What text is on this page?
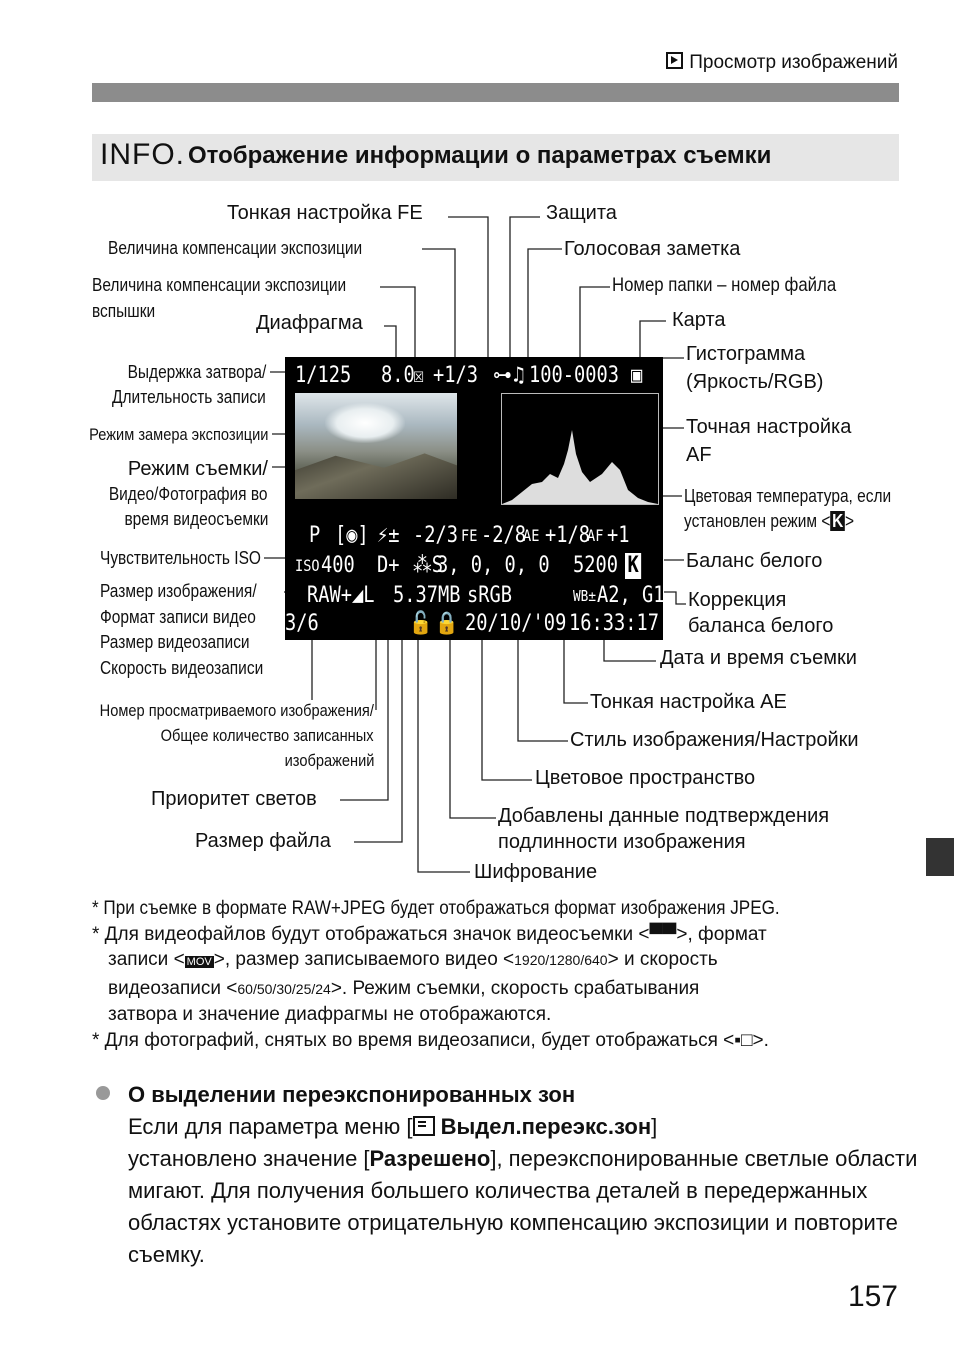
Просмотр изображений
INFO. Отображение информации о параметрах съемки
Тонкая настройка FE
Величина компенсации экспозиции
Величина компенсации экспозиции
вспышки
Диафрагма
Выдержка затвора/
Длительность записи
Режим замера экспозиции
Режим съемки/
Видео/Фотография во
время видеосъемки
Чувствительность ISO
Размер изображения/
Формат записи видео
Размер видеозаписи
Скорость видеозаписи
Номер просматриваемого изображения/
Общее количество записанных
изображений
Приоритет светов
Размер файла
Защита
Голосовая заметка
Номер папки – номер файла
Карта
Гистограмма
(Яркость/RGB)
Точная настройка
AF
Цветовая температура, если
установлен режим <K>
Баланс белого
Коррекция
баланса белого
Дата и время съемки
Тонкая настройка AE
Стиль изображения/Настройки
Цветовое пространство
Добавлены данные подтверждения
подлинности изображения
Шифрование
1/125 8.0
☒ +1/3 ⊶ ♫ 100-0003 ▣
P [◉] ⚡± -2/3 FE -2/8
AE +1/8
AF +1
ISO 400 D+ ⁂S
3, 0, 0, 0 5200 K
RAW+◢L 5.37MB sRGB	WB± A2, G1
3/6	🔓 🔒 20/10/'09 16:33:17

* При съемке в формате RAW+JPEG будет отображаться формат изображения JPEG.

* Для видеофайлов будут отображаться значок видеосъемки <▀▀>, формат

записи < MOV >, размер записываемого видео <1920/1280/640> и скорость

видеозаписи <60/50/30/25/24>. Режим съемки, скорость срабатывания

затвора и значение диафрагмы не отображаются.

* Для фотографий, снятых во время видеозаписи, будет отображаться <▪□>.

О выделении переэкспонированных зон
Если для параметра меню [ Выдел.переэкс.зон]
установлено значение [Разрешено], переэкспонированные светлые области мигают. Для получения большего количества деталей в передержанных областях установите отрицательную компенсацию экспозиции и повторите съемку.
157
